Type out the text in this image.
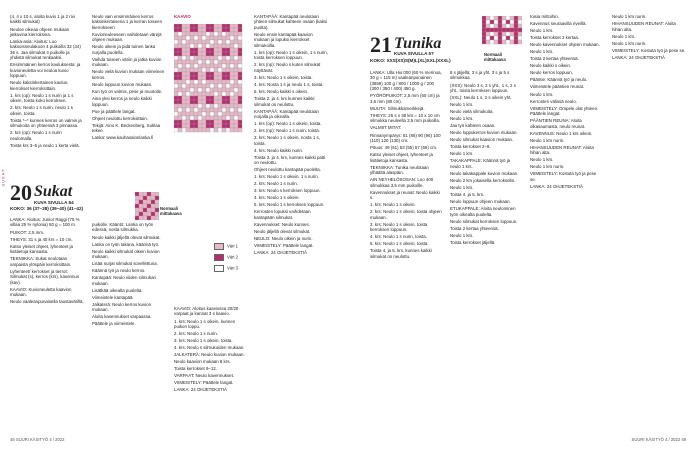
SUKAT

(4, 4 x 10 s, aloita kuvio 1 ja 2 rivi kaikki silmukat)

Neuloe oikeaa ohjeen mukaan jatkuvina kierroksina.

Lanka-asia: Aloitus: Luo kaksoisneulakoon 4 puikoilla 32 (34) 36 s. Jaa silmukat 4 puikolle ja yhdistä silmukat renkaaksi.

Ensimmäinen kerros kauluksesta: ja kuvioneuletta voi neuloa kuvio loppuun.

Neulo kaksinkertainen kaulus, kierrokset kierroksittain.

1. krs (op): Neulo 1 s nurin ja 1 s oikein, toista koko kerroksen.

2. krs: Neulo 1 s nurin, neulo 1 s oikein, toista.

Toista *–* kunnes kerros on valmis ja silmukoita on yhteensä 3 pinnassa.

2. krs (op): Neulo 1 s nurin neulomalla.

Toista krs 3–5 ja neulo 1 kerta vielä.

Neulo vain ensimmäinen kerros kaksinkertaisena 1 ja kerran toiseen kierrokseen.

Kuvioneuleeseen vaihdetaan värejä ohjeen mukaan.

Neulo oikein ja pidä toinen lanka nurjalla puolella.

Vaihda toiseen väriin ja jatka kuvion mukaan.

Neulo vielä kuvion mukaan viimeinen kerros.

Neulo loppuun kuvion mukaan.

Kun työ on valmis, pese ja muotoile.

Aina yksi kerros ja neulo kaikki loppuun.

Pue ja päättele langat.

Ohjeet neulottu kerroksittain.

Tekijä: Aino K. Beckenberg, Suklaa tekee.

Lanka: www.kauhasalonlanka.fi

KAAVIO	KANTAPÄÄ: Kantapää neulotaan yhteen silmukat kahteen osaan (kaksi puolta).

Neulo ensin kantapää kaavion mukaan ja lopuksi kierrokset silmukoilla.

1. krs (op): Neulo 1 s oikein, 1 s nurin, toista kerroksen loppuun.

2. krs (np): Neulo s kuten silmukat näyttävät.

3. krs: Neulo 1 s oikein, toista.

4. krs: Nosta 1 s ja neulo 1 s, toista.

5. krs: Neulo kaikki s oikein.

Toista 2. ja 4. krs kunnes kaikki silmukat on neulottu.

KANTAPÄÄ: Kantapää neulotaan nurjalla ja oikealla.

1. krs (op): Neulo 1 s oikein, toista.

2. krs (np): Neulo 1 s nurin, toista.

3. krs: Neulo 1 s oikein, nosta 1 s, toista.

4. krs: Neulo kaikki nurin.

Toista 3. ja 4. krs, kunnes kaikki patti on neulottu.

Ohjeet neulottu kantapää puolelta.

1. krs: Neulo 1 s oikein, 1 s nurin.

2. krs: Neulo 1 s nurin.

3. krs: Neulo s kerroksen loppuun.

4. krs: Neulo 1 s oikein.

5. krs: Neulo 1 s kerroksen loppuun.

Kerrosten lopuksi vaihdetaan kantapään silmukat.

Kavennukset: Neulo kunnes.

Neulo jäljellä olevat silmukat.

NEULO: Neulo oikein ja nurin.

VIIMEISTELY: Päättele langat.

LANKA: 24 OHJETEKSTIÄ

20 Sukat
KUVA SIVULLA 54
KOKO: 36 (37–38) (39–40) (41–42)	Normaali mittakaava

LANKA: Aloitus: Junior Raggi (75 % villaa 25 % nylonia) 50 g = 100 m.

PUIKOT: 2,5 mm.

TIHEYS: 31 s ja 40 krs = 10 cm.

Katso yleiset ohjeet, lyhenteet ja lisätietoja kansasta.

TEKNIIKKA: Sukat neulotaan varpaista ylöspäin kerroksittain.

Lyhenteet/ kerrokset ja tierrot: Silmukat (s), kerros (krs), kavennus (kav).

KAAVIO: Kuvioneuletta kaavion mukaan.

Neulo vaaleanpunaisella taustavärillä.

puikolle. Kääntö: Lanka on työn edessä, nosta silmukka.

Neulo kaikki jäljellä olevat silmukat.

Lanka on työn takana, käännä työ.

Neulo kaikki silmukat oikein kuvion mukaan.

Lisää nurjat silmukat sovellettuna.

Käännä työ ja neulo kerros.

Kantapää: Neulo viiden silmukan mukaan.

Lisätkää oikealta puolelta.

Viimeistele kantapää.

Jalkaterä: Neulo kerros kuvion mukaan.

Aloita kavennukset varpaassa.

Päättele ja viimeistele.

Väri 1
Väri 2
Väri 3

KAAVIO: Aloitus kaaviossa 20/20 varpaat ja kannat 3 s kaavio.

1. krs: Neulo 1 s oikein, kunnes puikon loppu.

2. krs: Neulo 1 s nurin.

3. krs: Neulo 1 s oikein, toista.

4. krs: Neulo s silmukoiden mukaan.

JALKATERÄ: Neulo kuvion mukaan.

Neulo kaavion mukaan 8 krs.

Toista kerrokset 9–12.

VARPAAT: Neulo kavennukset.

VIIMEISTELY: Päättele langat.

LANKA: 24 OHJETEKSTIÄ

48 SUURI KÄSITYÖ 4 / 2022
21 Tunika
KUVA SIVULLA 57
KOKO: XXS(XS)S(M)L(XL)XXL(XXXL)
Normaali mittakaava

LANKA: Ulla Hio 000 (60 % merinoa, 30 g = 115 m) vaaleanpunainen (3659) 100 g / 800 / 1000 g / 200 (300 / 350 / 400) 450 g.

PYÖRÖPUIKOT: 2,5 mm (60 cm) ja 3,5 mm (80 cm).

MUUTA: Silmukkamerkkejä.

TIHEYS: 25 s x 38 krs = 10 x 10 cm silmukka neuleella 3,5 mm puikoilla.

VALMIIT MITAT:

Rinnanympärys: 81 (86) 90 (96) 100 (110) 120 (130) cm.

Pituus: 49 (51) 53 (55) 57 (59) cm.

Katso yleiset ohjeet, lyhenteet ja lisätietoja kansasta.

TEKNIIKKA: Tunika neulotaan ylhäältä alaspäin.

AIN NEYHELÖSOSAN: Luo 400 silmukkaa 3,5 mm puikoille.

Kavennukset ja reunat: Neulo kaikki s.

1. krs: Neulo 1 s oikein.

2. krs: Neulo 1 s oikein, toista ohjeen mukaan.

3. krs: Neulo 1 s oikein, toista kerroksen loppuun.

4. krs: Neulo 1 s nurin, toista.

5. krs: Neulo 1 s oikein, toista.

Toista 4. ja 5. krs, kunnes kaikki silmukat on neulottu.

8 s jäljellä, 3 s ja yht. 3 s ja 5 s silmukkaa.

(XXS): Neulo 3 s, 2 s yht., 1 s, 2 s yht., toista kerroksen loppuun.

(XXL): Neulo 1 s, 2 s oikein yht.

Neulo 1 krs.

Neulo vielä silmukoita.

Neulo 1 krs.

Jaa työ kahteen osaan.

Neulo loppukerros kuvion mukaan.

Neulo silmukat kaavion mukaan.

Toista kerrokset 2–8.

Neulo 1 krs.

TAKAKAPPALE: Käännä työ ja neulo 1 krs.

Neulo takakappale kuvion mukaan.

Neulo 2 krs jokaisella kerroksella.

Neulo 1 krs.

Toista 4. ja 5. krs.

Neulo loppuun ohjeen mukaan.

ETUKAPPALE: Aloita neulominen työn oikealta puolelta.

Neulo silmukat kerroksen loppuun.

Toista 2 kertaa yhteensä.

Neulo 1 krs.

Toista kerrokset jäljellä.

toisia mittoihin.

Kavennus seuraavilla riveillä.

Neulo 1 krs.

Toista kerrokset 2 kertaa.

Neulo kavennukset ohjeen mukaan.

Neulo 1 krs.

Toista 2 kertaa yhteensä.

Neulo kaikki s oikein.

Neulo kerros loppuun.

Pääntie: Käännä työ ja neulo.

Viimeistele pääntien reunat.

Neulo 1 krs.

Kerrosten välissä neulo.

VIIMEISTELY: Ompele olat yhteen. Päättele langat.

PÄÄNTIEN REUNA: Aloita olkasaumasta, neulo reunat.

KAVENNUS: Neulo 1 krs oikein.

Neulo 1 krs nurin.

HIHANSUUDEN REUNAT: Aloita hihan alta.

Neulo 1 krs.

Neulo 1 krs nurin.

VIIMEISTELY: Kostuta työ ja pese se.

LANKA: 24 OHJETEKSTIÄ

Neulo 1 krs nurin.

HIHANSUUDEN REUNAT: Aloita hihan alta.

Neulo 1 krs.

Neulo 1 krs nurin.

VIIMEISTELY: Kostuta työ ja pese se.

LANKA: 24 OHJETEKSTIÄ

SUURI KÄSITYÖ 4 / 2022 49
